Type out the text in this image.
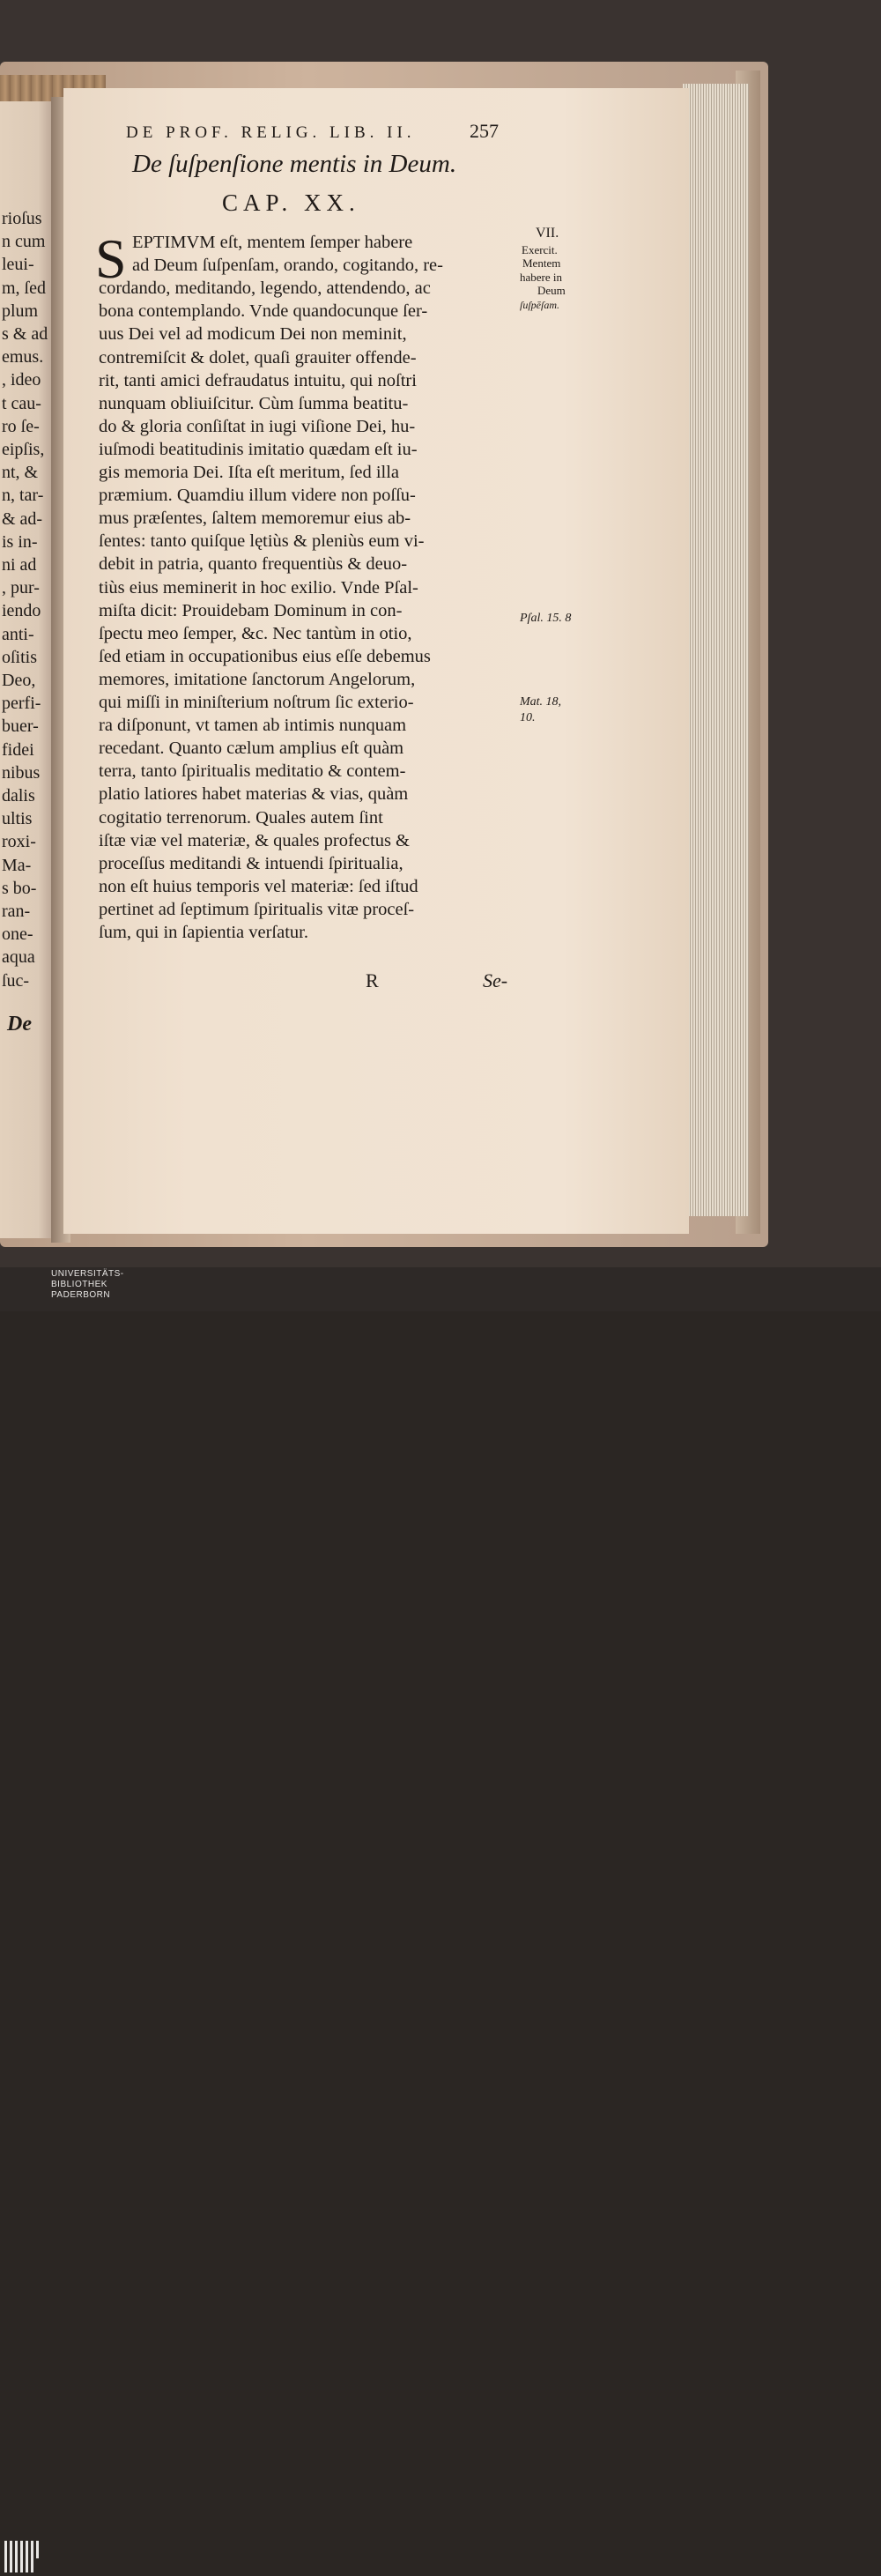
rioſus
n cum
leui-
m, ſed
plum
s & ad
emus.
, ideo
t cau-
ro ſe-
eipſis,
nt, &
n, tar-
& ad-
is in-
ni ad
, pur-
iendo
anti-
oſitis
Deo,
perfi-
buer-
fidei
nibus
dalis
ultis
roxi-
Ma-
s bo-
ran-
one-
aqua
ſuc-
De
DE PROF. RELIG. LIB. II.	257
De ſuſpenſione mentis in Deum.
CAP. XX.
S EPTIMVM eſt, mentem ſemper habere
ad Deum ſuſpenſam, orando, cogitando, re-
cordando, meditando, legendo, attendendo, ac
bona contemplando. Vnde quandocunque ſer-
uus Dei vel ad modicum Dei non meminit,
contremiſcit & dolet, quaſi grauiter offende-
rit, tanti amici defraudatus intuitu, qui noſtri
nunquam obliuiſcitur. Cùm ſumma beatitu-
do & gloria conſiſtat in iugi viſione Dei, hu-
iuſmodi beatitudinis imitatio quædam eſt iu-
gis memoria Dei. Iſta eſt meritum, ſed illa
præmium. Quamdiu illum videre non poſſu-
mus præſentes, ſaltem memoremur eius ab-
ſentes: tanto quiſque lętiùs & pleniùs eum vi-
debit in patria, quanto frequentiùs & deuo-
tiùs eius meminerit in hoc exilio. Vnde Pſal-
miſta dicit: Prouidebam Dominum in con-
ſpectu meo ſemper, &c. Nec tantùm in otio,
ſed etiam in occupationibus eius eſſe debemus
memores, imitatione ſanctorum Angelorum,
qui miſſi in miniſterium noſtrum ſic exterio-
ra diſponunt, vt tamen ab intimis nunquam
recedant. Quanto cælum amplius eſt quàm
terra, tanto ſpiritualis meditatio & contem-
platio latiores habet materias & vias, quàm
cogitatio terrenorum. Quales autem ſint
iſtæ viæ vel materiæ, & quales profectus &
proceſſus meditandi & intuendi ſpiritualia,
non eſt huius temporis vel materiæ: ſed iſtud
pertinet ad ſeptimum ſpiritualis vitæ proceſ-
ſum, qui in ſapientia verſatur.
VII.
Exercit.
Mentem
habere in
Deum
ſuſpēſam.
Pſal. 15. 8
Mat. 18,
10.
R	Se-
UNIVERSITÄTS-
BIBLIOTHEK
PADERBORN
